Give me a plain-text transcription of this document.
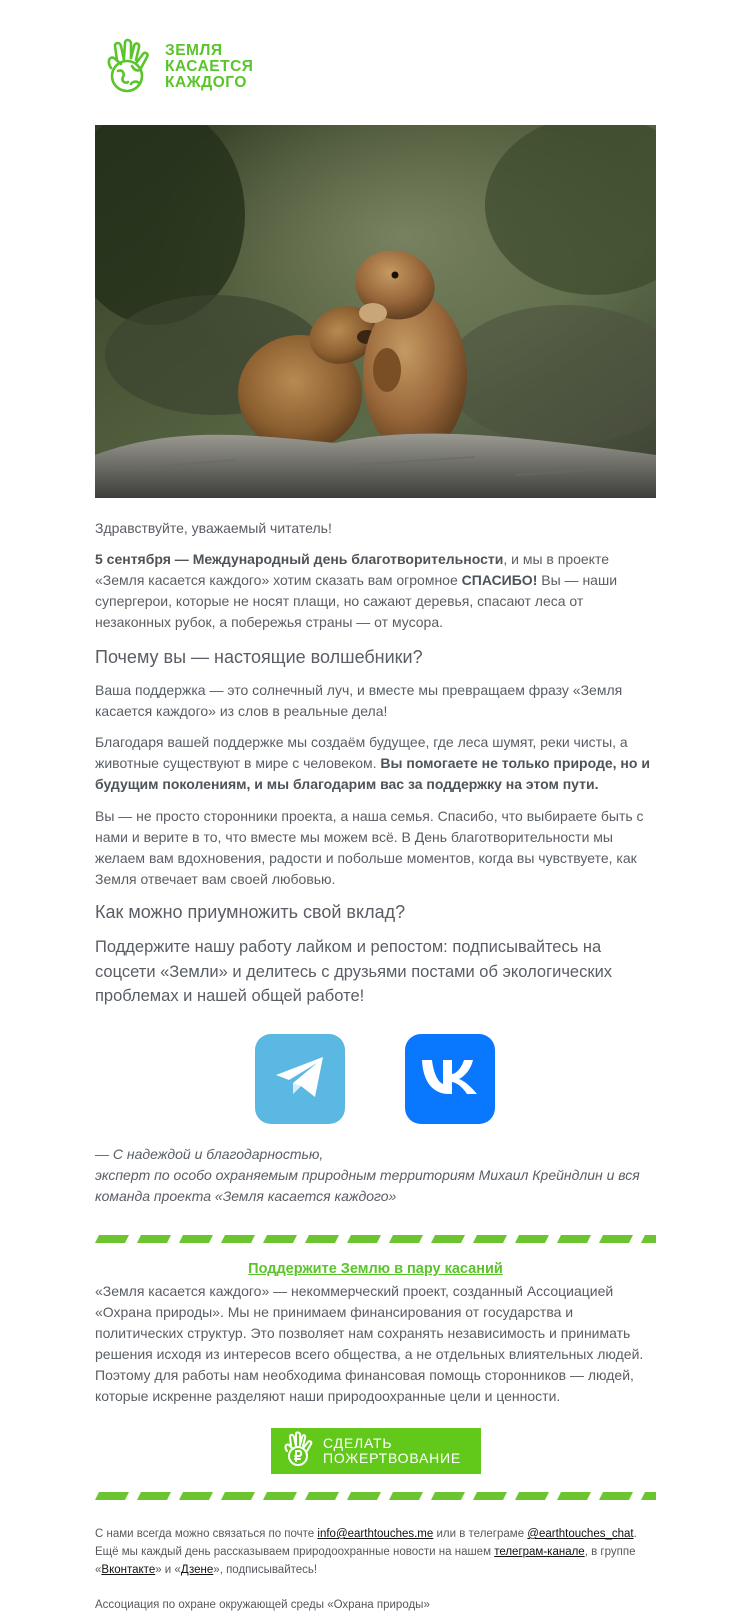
ЗЕМЛЯ
КАСАЕТСЯ
КАЖДОГО

Здравствуйте, уважаемый читатель!

5 сентября — Международный день благотворительности, и мы в проекте «Земля касается каждого» хотим сказать вам огромное СПАСИБО! Вы — наши супергерои, которые не носят плащи, но сажают деревья, спасают леса от незаконных рубок, а побережья страны — от мусора.

Почему вы — настоящие волшебники?

Ваша поддержка — это солнечный луч, и вместе мы превращаем фразу «Земля касается каждого» из слов в реальные дела!

Благодаря вашей поддержке мы создаём будущее, где леса шумят, реки чисты, а животные существуют в мире с человеком. Вы помогаете не только природе, но и будущим поколениям, и мы благодарим вас за поддержку на этом пути.

Вы — не просто сторонники проекта, а наша семья. Спасибо, что выбираете быть с нами и верите в то, что вместе мы можем всё. В День благотворительности мы желаем вам вдохновения, радости и побольше моментов, когда вы чувствуете, как Земля отвечает вам своей любовью.

Как можно приумножить свой вклад?

Поддержите нашу работу лайком и репостом: подписывайтесь на соцсети «Земли» и делитесь с друзьями постами об экологических проблемах и нашей общей работе!

— С надеждой и благодарностью,
эксперт по особо охраняемым природным территориям Михаил Крейндлин и вся команда проекта «Земля касается каждого»
Поддержите Землю в пару касаний

«Земля касается каждого» — некоммерческий проект, созданный Ассоциацией «Охрана природы». Мы не принимаем финансирования от государства и политических структур. Это позволяет нам сохранять независимость и принимать решения исходя из интересов всего общества, а не отдельных влиятельных людей. Поэтому для работы нам необходима финансовая помощь сторонников — людей, которые искренне разделяют наши природоохранные цели и ценности.

СДЕЛАТЬ
ПОЖЕРТВОВАНИЕ

С нами всегда можно связаться по почте info@earthtouches.me или в телеграме @earthtouches_chat. Ещё мы каждый день рассказываем природоохранные новости на нашем телеграм-канале, в группе «Вконтакте» и «Дзене», подписывайтесь!

Ассоциация по охране окружающей среды «Охрана природы»
